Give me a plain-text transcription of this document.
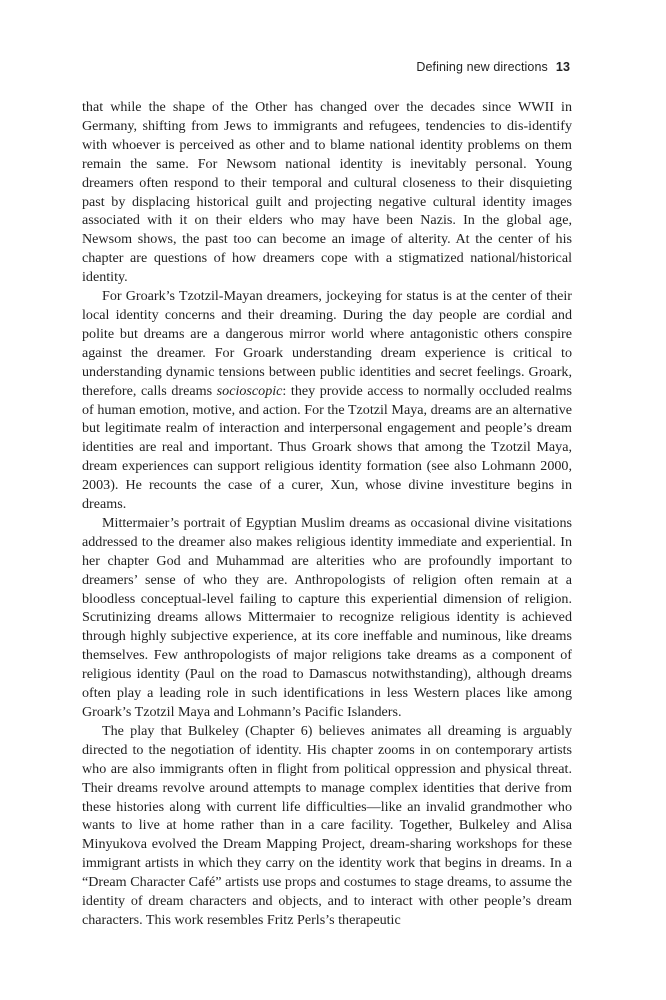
Defining new directions 13

that while the shape of the Other has changed over the decades since WWII in Germany, shifting from Jews to immigrants and refugees, tendencies to dis-identify with whoever is perceived as other and to blame national identity problems on them remain the same. For Newsom national identity is inevitably personal. Young dreamers often respond to their temporal and cultural closeness to their disquieting past by displacing historical guilt and projecting negative cultural identity images associated with it on their elders who may have been Nazis. In the global age, Newsom shows, the past too can become an image of alterity. At the center of his chapter are questions of how dreamers cope with a stigmatized national/historical identity.

For Groark’s Tzotzil-Mayan dreamers, jockeying for status is at the center of their local identity concerns and their dreaming. During the day people are cordial and polite but dreams are a dangerous mirror world where antagonistic others conspire against the dreamer. For Groark understanding dream experience is critical to understanding dynamic tensions between public identities and secret feelings. Groark, therefore, calls dreams socioscopic: they provide access to normally occluded realms of human emotion, motive, and action. For the Tzotzil Maya, dreams are an alternative but legitimate realm of interaction and interpersonal engagement and people’s dream identities are real and important. Thus Groark shows that among the Tzotzil Maya, dream experiences can support religious identity formation (see also Lohmann 2000, 2003). He recounts the case of a curer, Xun, whose divine investiture begins in dreams.

Mittermaier’s portrait of Egyptian Muslim dreams as occasional divine visitations addressed to the dreamer also makes religious identity immediate and experiential. In her chapter God and Muhammad are alterities who are profoundly important to dreamers’ sense of who they are. Anthropologists of religion often remain at a bloodless conceptual-level failing to capture this experiential dimension of religion. Scrutinizing dreams allows Mittermaier to recognize religious identity is achieved through highly subjective experience, at its core ineffable and numinous, like dreams themselves. Few anthropologists of major religions take dreams as a component of religious identity (Paul on the road to Damascus notwithstanding), although dreams often play a leading role in such identifications in less Western places like among Groark’s Tzotzil Maya and Lohmann’s Pacific Islanders.

The play that Bulkeley (Chapter 6) believes animates all dreaming is arguably directed to the negotiation of identity. His chapter zooms in on contemporary artists who are also immigrants often in flight from political oppression and physical threat. Their dreams revolve around attempts to manage complex identities that derive from these histories along with current life difficulties—like an invalid grandmother who wants to live at home rather than in a care facility. Together, Bulkeley and Alisa Minyukova evolved the Dream Mapping Project, dream-sharing workshops for these immigrant artists in which they carry on the identity work that begins in dreams. In a “Dream Character Café” artists use props and costumes to stage dreams, to assume the identity of dream characters and objects, and to interact with other people’s dream characters. This work resembles Fritz Perls’s therapeutic
